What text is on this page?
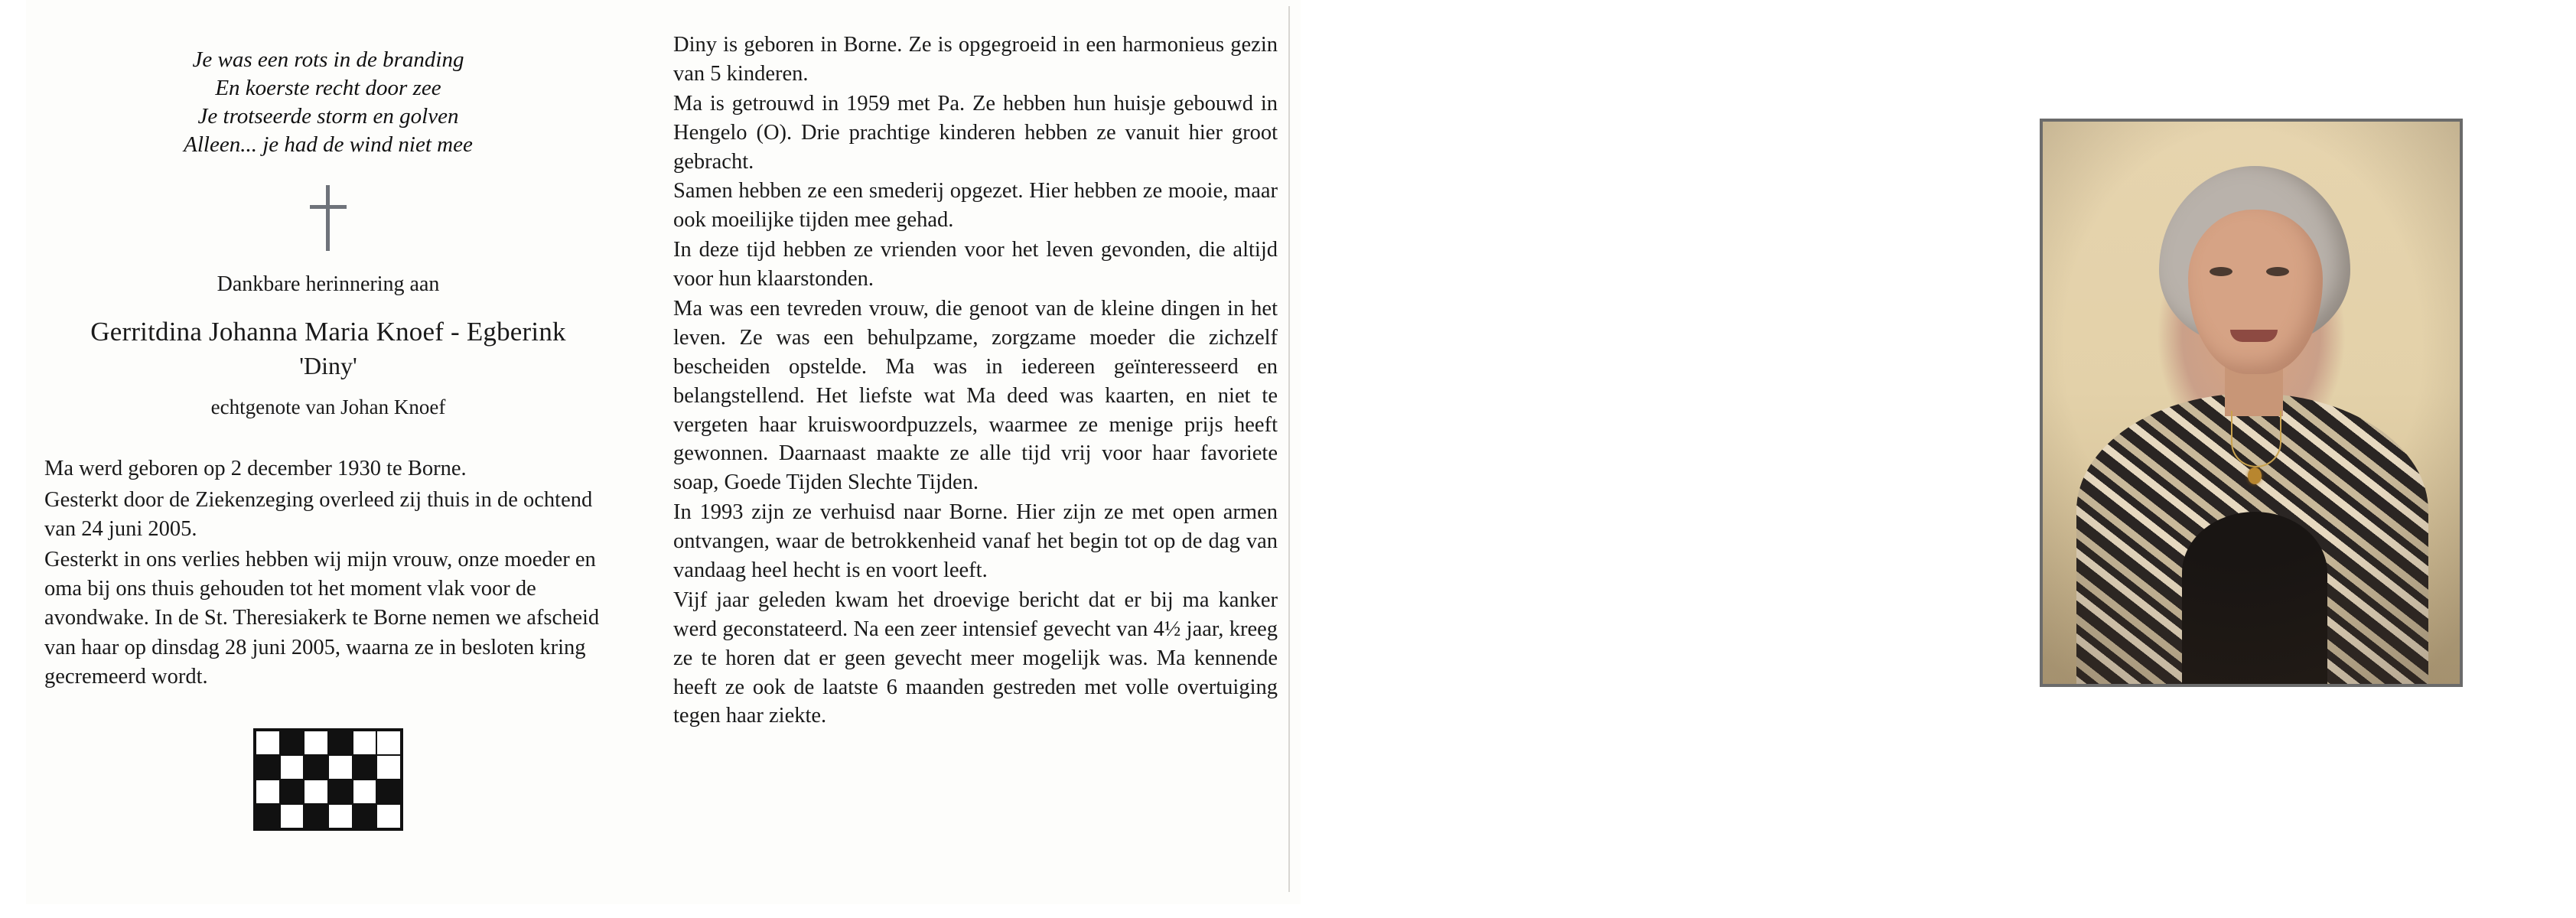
Je was een rots in de branding
En koerste recht door zee
Je trotseerde storm en golven
Alleen... je had de wind niet mee
Dankbare herinnering aan
Gerritdina Johanna Maria Knoef - Egberink
'Diny'
echtgenote van Johan Knoef

Ma werd geboren op 2 december 1930 te Borne.

Gesterkt door de Ziekenzeging overleed zij thuis in de ochtend van 24 juni 2005.

Gesterkt in ons verlies hebben wij mijn vrouw, onze moeder en oma bij ons thuis gehouden tot het moment vlak voor de avondwake. In de St. Theresiakerk te Borne nemen we afscheid van haar op dinsdag 28 juni 2005, waarna ze in besloten kring gecremeerd wordt.

Diny is geboren in Borne. Ze is opgegroeid in een harmonieus gezin van 5 kinderen.

Ma is getrouwd in 1959 met Pa. Ze hebben hun huisje gebouwd in Hengelo (O). Drie prachtige kinderen hebben ze vanuit hier groot gebracht.

Samen hebben ze een smederij opgezet. Hier hebben ze mooie, maar ook moeilijke tijden mee gehad.

In deze tijd hebben ze vrienden voor het leven gevonden, die altijd voor hun klaarstonden.

Ma was een tevreden vrouw, die genoot van de kleine dingen in het leven. Ze was een behulpzame, zorgzame moeder die zichzelf bescheiden opstelde. Ma was in iedereen geïnteresseerd en belangstellend. Het liefste wat Ma deed was kaarten, en niet te vergeten haar kruiswoordpuzzels, waarmee ze menige prijs heeft gewonnen. Daarnaast maakte ze alle tijd vrij voor haar favoriete soap, Goede Tijden Slechte Tijden.

In 1993 zijn ze verhuisd naar Borne. Hier zijn ze met open armen ontvangen, waar de betrokkenheid vanaf het begin tot op de dag van vandaag heel hecht is en voort leeft.

Vijf jaar geleden kwam het droevige bericht dat er bij ma kanker werd geconstateerd. Na een zeer intensief gevecht van 4½ jaar, kreeg ze te horen dat er geen gevecht meer mogelijk was. Ma kennende heeft ze ook de laatste 6 maanden gestreden met volle overtuiging tegen haar ziekte.
